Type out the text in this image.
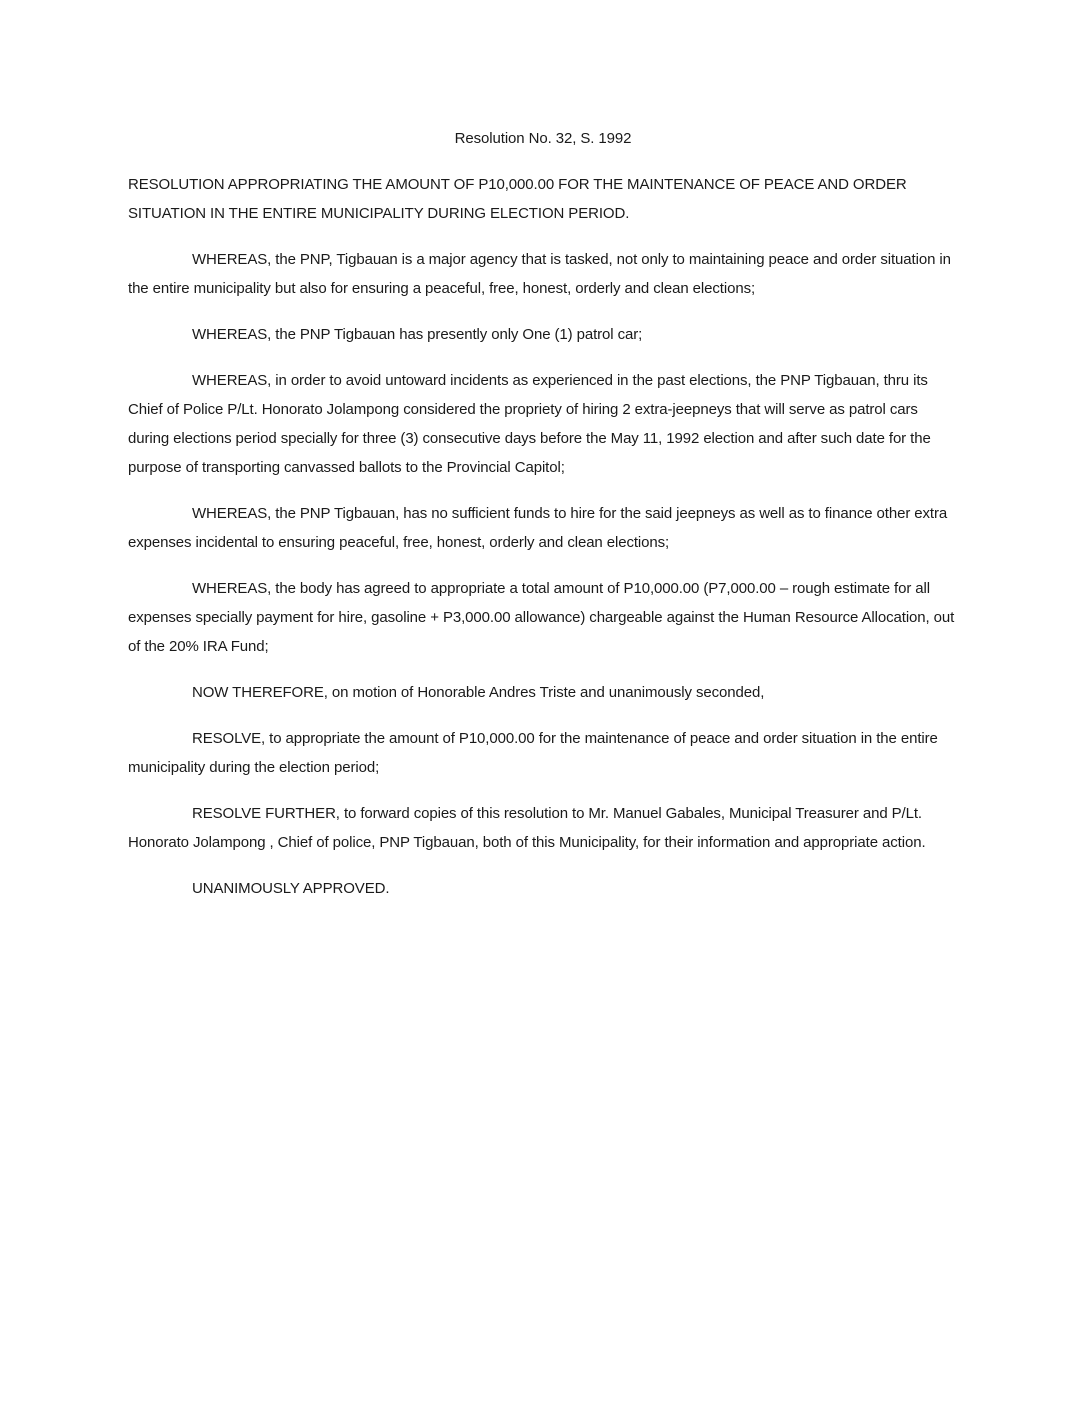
Resolution No. 32, S. 1992

RESOLUTION APPROPRIATING THE AMOUNT OF P10,000.00 FOR THE MAINTENANCE OF PEACE AND ORDER SITUATION IN THE ENTIRE MUNICIPALITY DURING ELECTION PERIOD.

WHEREAS, the PNP, Tigbauan is a major agency that is tasked, not only to maintaining peace and order situation in the entire municipality but also for ensuring a peaceful, free, honest, orderly and clean elections;

WHEREAS, the PNP Tigbauan has presently only One (1) patrol car;

WHEREAS, in order to avoid untoward incidents as experienced in the past elections, the PNP Tigbauan, thru its Chief of Police P/Lt. Honorato Jolampong considered the propriety of hiring 2 extra-jeepneys that will serve as patrol cars during elections period specially for three (3) consecutive days before the May 11, 1992 election and after such date for the purpose of transporting canvassed ballots to the Provincial Capitol;

WHEREAS, the PNP Tigbauan, has no sufficient funds to hire for the said jeepneys as well as to finance other extra expenses incidental to ensuring peaceful, free, honest, orderly and clean elections;

WHEREAS, the body has agreed to appropriate a total amount of P10,000.00 (P7,000.00 – rough estimate for all expenses specially payment for hire, gasoline + P3,000.00 allowance) chargeable against the Human Resource Allocation, out of the 20% IRA Fund;

NOW THEREFORE, on motion of Honorable Andres Triste and unanimously seconded,

RESOLVE, to appropriate the amount of P10,000.00 for the maintenance of peace and order situation in the entire municipality during the election period;

RESOLVE FURTHER, to forward copies of this resolution to Mr. Manuel Gabales, Municipal Treasurer and P/Lt. Honorato Jolampong , Chief of police, PNP Tigbauan, both of this Municipality, for their information and appropriate action.

UNANIMOUSLY APPROVED.
